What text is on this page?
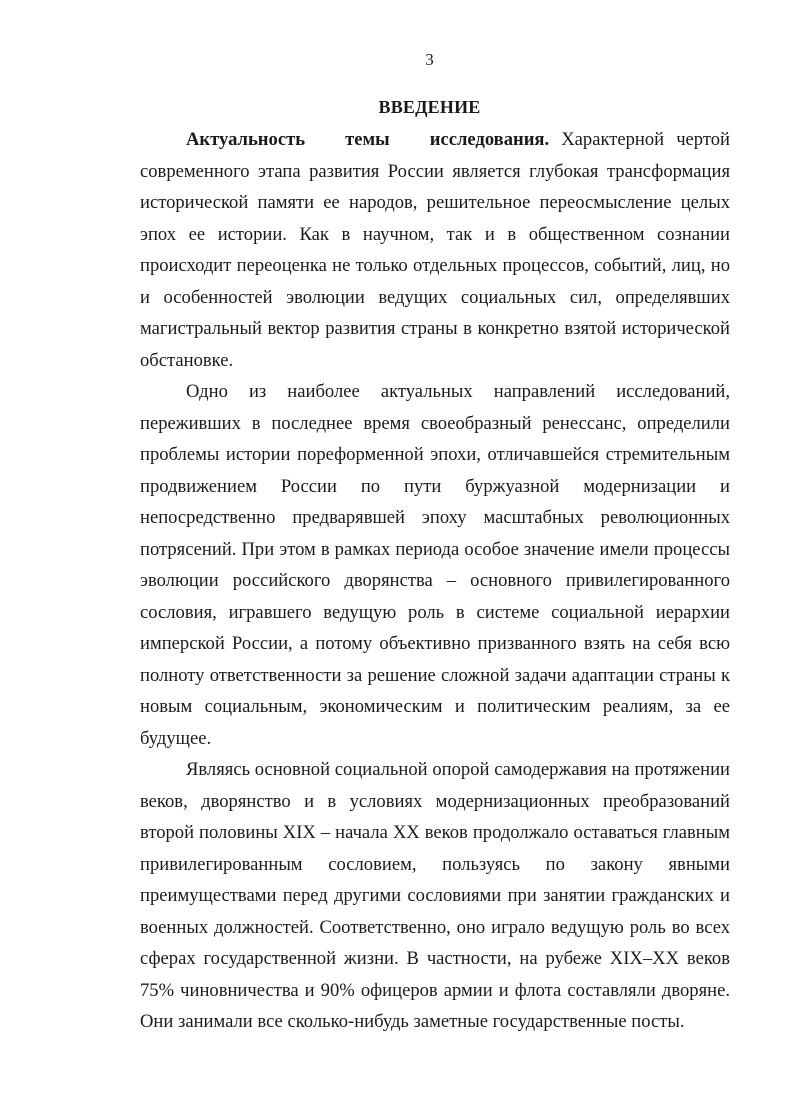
3
ВВЕДЕНИЕ

Актуальность темы исследования. Характерной чертой современного этапа развития России является глубокая трансформация исторической памяти ее народов, решительное переосмысление целых эпох ее истории. Как в научном, так и в общественном сознании происходит переоценка не только отдельных процессов, событий, лиц, но и особенностей эволюции ведущих социальных сил, определявших магистральный вектор развития страны в конкретно взятой исторической обстановке.

Одно из наиболее актуальных направлений исследований, переживших в последнее время своеобразный ренессанс, определили проблемы истории пореформенной эпохи, отличавшейся стремительным продвижением России по пути буржуазной модернизации и непосредственно предварявшей эпоху масштабных революционных потрясений. При этом в рамках периода особое значение имели процессы эволюции российского дворянства – основного привилегированного сословия, игравшего ведущую роль в системе социальной иерархии имперской России, а потому объективно призванного взять на себя всю полноту ответственности за решение сложной задачи адаптации страны к новым социальным, экономическим и политическим реалиям, за ее будущее.

Являясь основной социальной опорой самодержавия на протяжении веков, дворянство и в условиях модернизационных преобразований второй половины XIX – начала XX веков продолжало оставаться главным привилегированным сословием, пользуясь по закону явными преимуществами перед другими сословиями при занятии гражданских и военных должностей. Соответственно, оно играло ведущую роль во всех сферах государственной жизни. В частности, на рубеже XIX–XX веков 75% чиновничества и 90% офицеров армии и флота составляли дворяне. Они занимали все сколько-нибудь заметные государственные посты.
